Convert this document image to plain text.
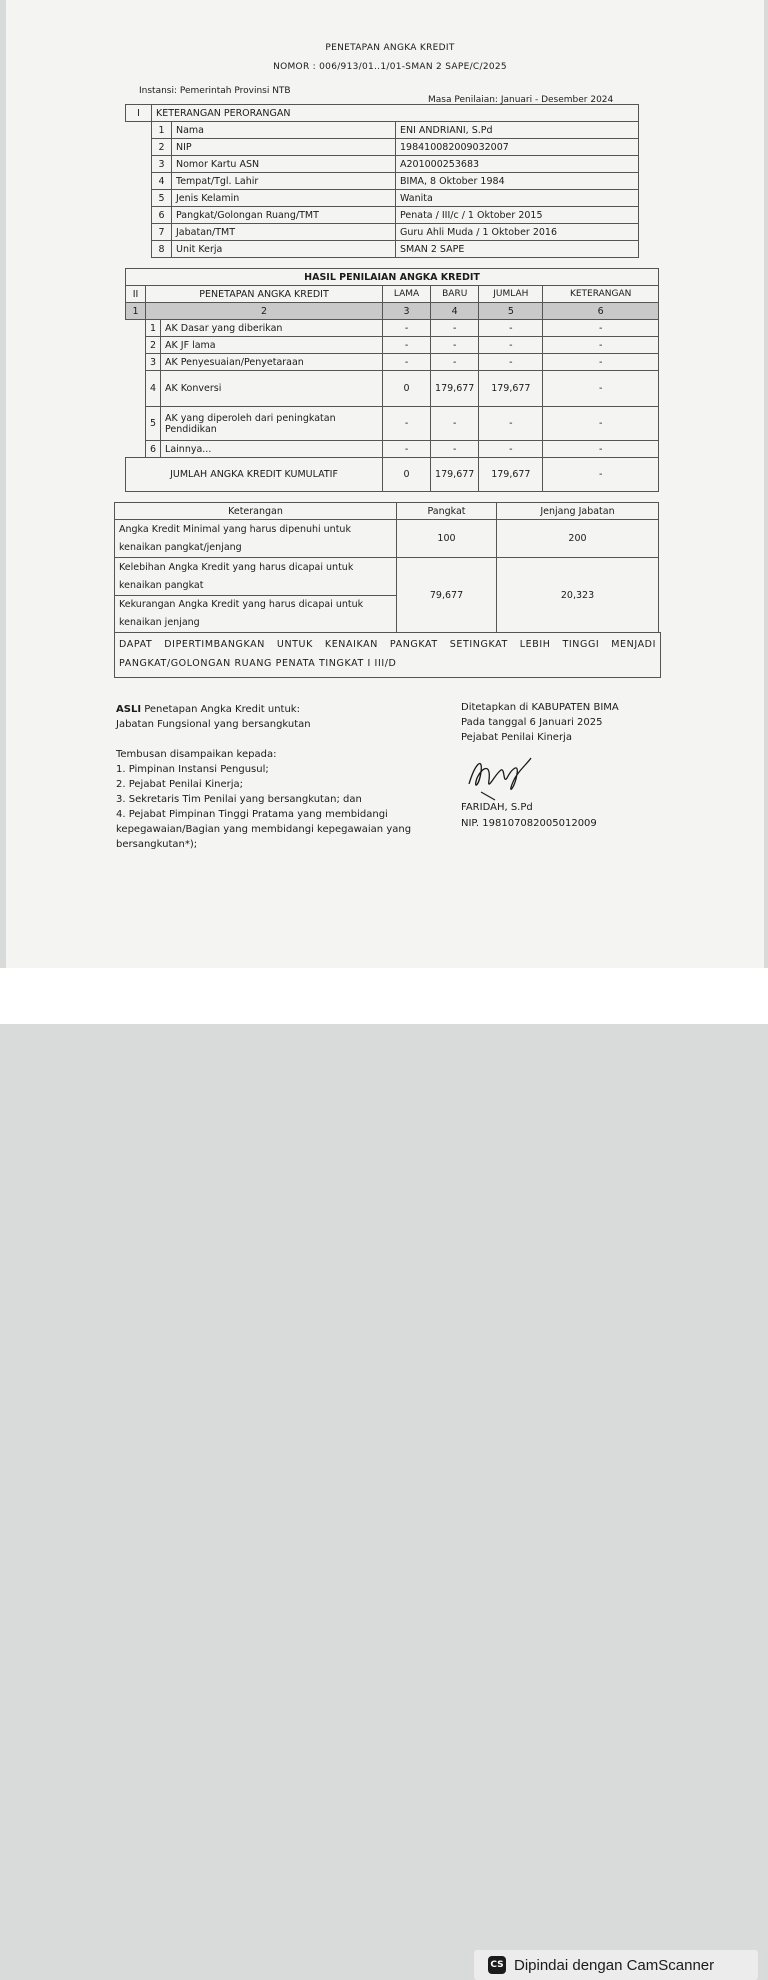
PENETAPAN ANGKA KREDIT
NOMOR : 006/913/01..1/01-SMAN 2 SAPE/C/2025
Instansi: Pemerintah Provinsi NTB
Masa Penilaian: Januari - Desember 2024
I	KETERANGAN PERORANGAN		
	1	Nama	ENI ANDRIANI, S.Pd
	2	NIP	198410082009032007
	3	Nomor Kartu ASN	A201000253683
	4	Tempat/Tgl. Lahir	BIMA, 8 Oktober 1984
	5	Jenis Kelamin	Wanita
	6	Pangkat/Golongan Ruang/TMT	Penata / III/c / 1 Oktober 2015
	7	Jabatan/TMT	Guru Ahli Muda / 1 Oktober 2016
	8	Unit Kerja	SMAN 2 SAPE
HASIL PENILAIAN ANGKA KREDIT						
II	PENETAPAN ANGKA KREDIT		LAMA	BARU	JUMLAH	KETERANGAN
1	2		3	4	5	6
	1	AK Dasar yang diberikan	-	-	-	-
	2	AK JF lama	-	-	-	-
	3	AK Penyesuaian/Penyetaraan	-	-	-	-
	4	AK Konversi	0	179,677	179,677	-
	5	AK yang diperoleh dari peningkatan Pendidikan	-	-	-	-
	6	Lainnya...	-	-	-	-
JUMLAH ANGKA KREDIT KUMULATIF			0	179,677	179,677	-
Keterangan	Pangkat	Jenjang Jabatan
Angka Kredit Minimal yang harus dipenuhi untuk kenaikan pangkat/jenjang	100	200
Kelebihan Angka Kredit yang harus dicapai untuk kenaikan pangkat	79,677	20,323
Kekurangan Angka Kredit yang harus dicapai untuk kenaikan jenjang		
DAPAT DIPERTIMBANGKAN UNTUK KENAIKAN PANGKAT SETINGKAT LEBIH TINGGI MENJADI PANGKAT/GOLONGAN RUANG PENATA TINGKAT I III/D
ASLI Penetapan Angka Kredit untuk:
Jabatan Fungsional yang bersangkutan
Tembusan disampaikan kepada:
1. Pimpinan Instansi Pengusul;
2. Pejabat Penilai Kinerja;
3. Sekretaris Tim Penilai yang bersangkutan; dan
4. Pejabat Pimpinan Tinggi Pratama yang membidangi kepegawaian/Bagian yang membidangi kepegawaian yang bersangkutan*);
Ditetapkan di KABUPATEN BIMA
Pada tanggal 6 Januari 2025
Pejabat Penilai Kinerja
FARIDAH, S.Pd
NIP. 198107082005012009
CS Dipindai dengan CamScanner
